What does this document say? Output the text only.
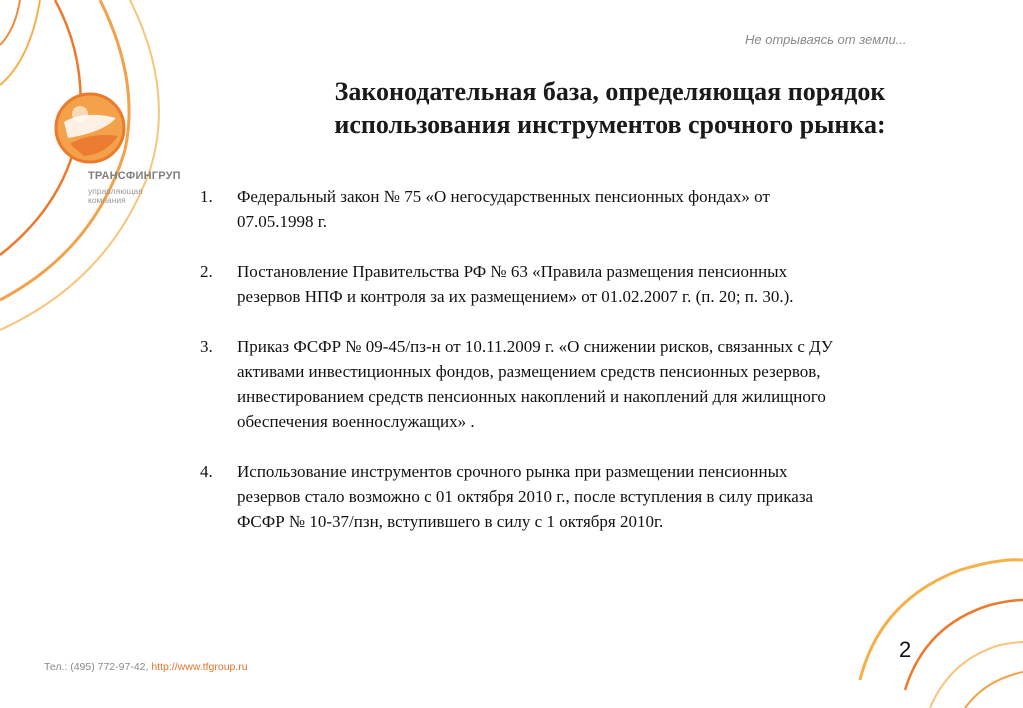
Не отрываясь от земли...
ТРАНСФИНГРУП
управляющая компания
Законодательная база, определяющая порядок
использования инструментов срочного рынка:
1. Федеральный закон № 75 «О негосударственных пенсионных фондах» от
07.05.1998 г.
2. Постановление Правительства РФ № 63 «Правила размещения пенсионных
резервов НПФ и контроля за их размещением» от 01.02.2007 г. (п. 20; п. 30.).
3. Приказ ФСФР № 09-45/пз-н от 10.11.2009 г. «О снижении рисков, связанных с ДУ
активами инвестиционных фондов, размещением средств пенсионных резервов,
инвестированием средств пенсионных накоплений и накоплений для жилищного
обеспечения военнослужащих» .
4. Использование инструментов срочного рынка при размещении пенсионных
резервов стало возможно с 01 октября 2010 г., после вступления в силу приказа
ФСФР № 10-37/пзн, вступившего в силу с 1 октября 2010г.
Тел.: (495) 772-97-42, http://www.tfgroup.ru
2
